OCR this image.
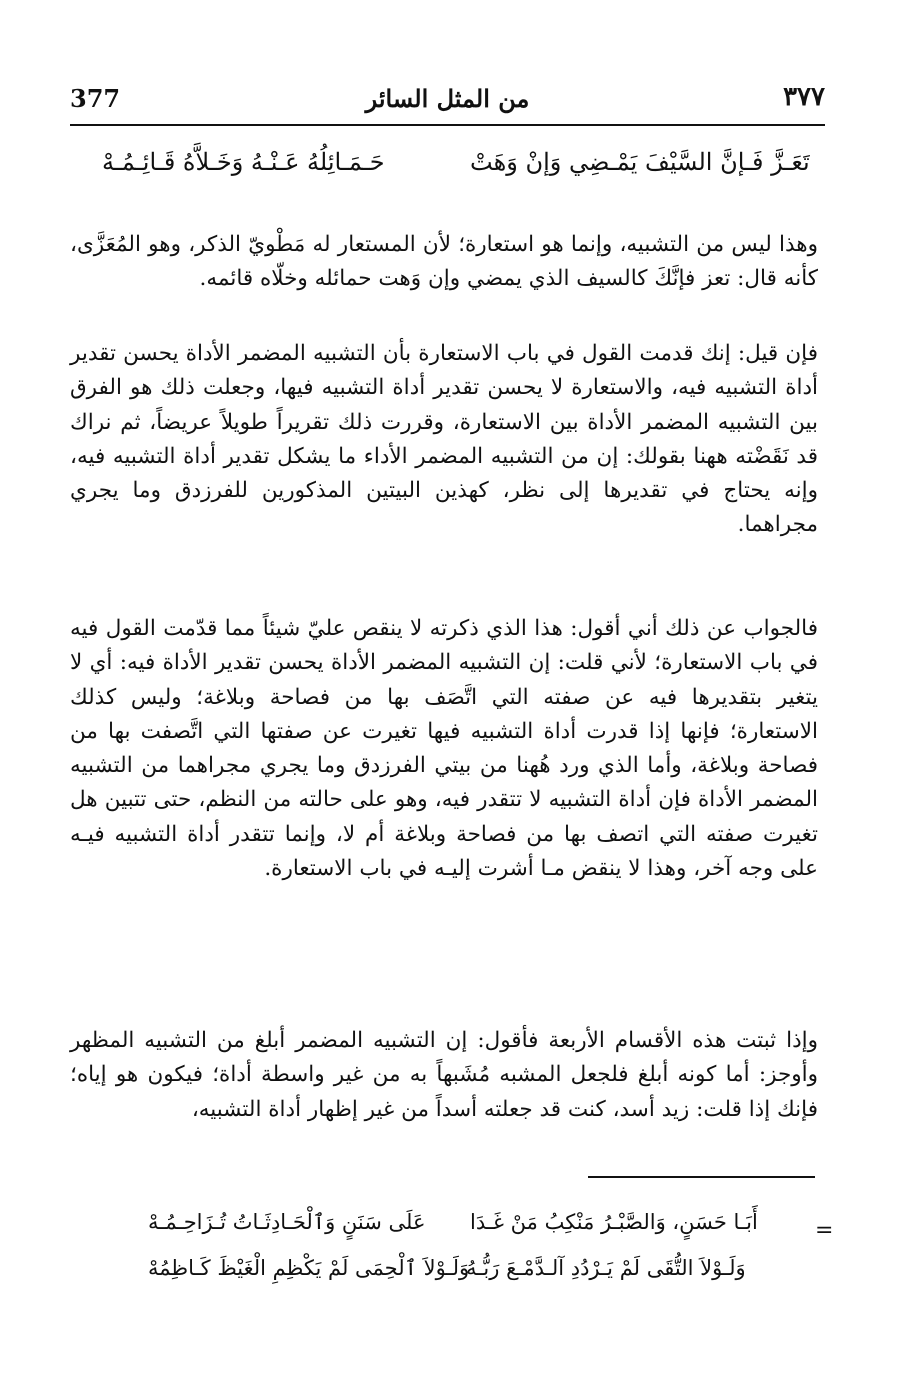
377	من المثل السائر	٣٧٧
تَعَـزَّ فَـإنَّ السَّيْفَ يَمْـضِي وَإنْ وَهَتْ
حَـمَـائِلُهُ عَـنْـهُ وَخَـلاَّهُ قَـائِـمُـهْ

وهذا ليس من التشبيه، وإنما هو استعارة؛ لأن المستعار له مَطْويّ الذكر، وهو المُعَزَّى، كأنه قال: تعز فإنَّكَ كالسيف الذي يمضي وإن وَهت حمائله وخلّاه قائمه.

فإن قيل: إنك قدمت القول في باب الاستعارة بأن التشبيه المضمر الأداة يحسن تقدير أداة التشبيه فيه، والاستعارة لا يحسن تقدير أداة التشبيه فيها، وجعلت ذلك هو الفرق بين التشبيه المضمر الأداة بين الاستعارة، وقررت ذلك تقريراً طويلاً عريضاً، ثم نراك قد نَقَضْته ههنا بقولك: إن من التشبيه المضمر الأداء ما يشكل تقدير أداة التشبيه فيه، وإنه يحتاج في تقديرها إلى نظر، كهذين البيتين المذكورين للفرزدق وما يجري مجراهما.

فالجواب عن ذلك أني أقول: هذا الذي ذكرته لا ينقص عليّ شيئاً مما قدّمت القول فيه في باب الاستعارة؛ لأني قلت: إن التشبيه المضمر الأداة يحسن تقدير الأداة فيه: أي لا يتغير بتقديرها فيه عن صفته التي اتَّصَف بها من فصاحة وبلاغة؛ وليس كذلك الاستعارة؛ فإنها إذا قدرت أداة التشبيه فيها تغيرت عن صفتها التي اتَّصفت بها من فصاحة وبلاغة، وأما الذي ورد هُهنا من بيتي الفرزدق وما يجري مجراهما من التشبيه المضمر الأداة فإن أداة التشبيه لا تتقدر فيه، وهو على حالته من النظم، حتى تتبين هل تغيرت صفته التي اتصف بها من فصاحة وبلاغة أم لا، وإنما تتقدر أداة التشبيه فيـه على وجه آخر، وهذا لا ينقض مـا أشرت إليـه في باب الاستعارة.

وإذا ثبتت هذه الأقسام الأربعة فأقول: إن التشبيه المضمر أبلغ من التشبيه المظهر وأوجز: أما كونه أبلغ فلجعل المشبه مُشَبهاً به من غير واسطة أداة؛ فيكون هو إياه؛ فإنك إذا قلت: زيد أسد، كنت قد جعلته أسداً من غير إظهار أداة التشبيه،

=
أَبَـا حَسَنٍ، وَالصَّبْـرُ مَنْكِبُ مَنْ غَـدَا
عَلَى سَنَنٍ وَٱلْحَـادِثَـاتُ تُـزَاحِـمُـهْ
وَلَـوْلاَ التُّقَى لَمْ يَـرْدُدِ آلـدَّمْـعَ رَبُّـهُ
وَلَـوْلاَ ٱلْحِمَى لَمْ يَكْظِمِ الْغَيْظَ كَـاظِمُهْ
